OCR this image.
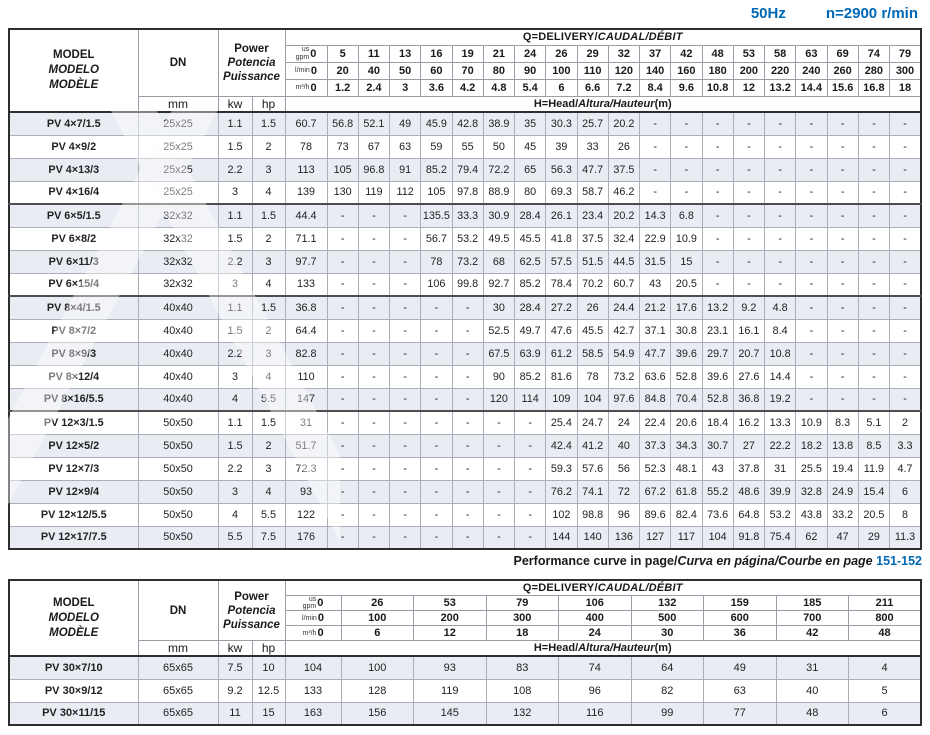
50Hz	n=2900 r/min
MODEL
MODELO
MODÈLE
	DN	
Power
Potencia
Puissance
	Q=DELIVERY/CAUDAL/DÉBIT

				us
gpm 0	5	11	13	16	19	21	24	26	29	32	37	42	48	53	58	63	69	74	79

				l/min 0	20	40	50	60	70	80	90	100	110	120	140	160	180	200	220	240	260	280	300

				m³/h 0	1.2	2.4	3	3.6	4.2	4.8	5.4	6	6.6	7.2	8.4	9.6	10.8	12	13.2	14.4	15.6	16.8	18
	mm	kw	hp	H=Head/Altura/Hauteur(m)																			
PV 4×7/1.5	25x25	1.1	1.5	60.7	56.8	52.1	49	45.9	42.8	38.9	35	30.3	25.7	20.2	-	-	-	-	-	-	-	-	-
PV 4×9/2	25x25	1.5	2	78	73	67	63	59	55	50	45	39	33	26	-	-	-	-	-	-	-	-	-
PV 4×13/3	25x25	2.2	3	113	105	96.8	91	85.2	79.4	72.2	65	56.3	47.7	37.5	-	-	-	-	-	-	-	-	-
PV 4×16/4	25x25	3	4	139	130	119	112	105	97.8	88.9	80	69.3	58.7	46.2	-	-	-	-	-	-	-	-	-
PV 6×5/1.5	32x32	1.1	1.5	44.4	-	-	-	135.5	33.3	30.9	28.4	26.1	23.4	20.2	14.3	6.8	-	-	-	-	-	-	-
PV 6×8/2	32x32	1.5	2	71.1	-	-	-	56.7	53.2	49.5	45.5	41.8	37.5	32.4	22.9	10.9	-	-	-	-	-	-	-
PV 6×11/3	32x32	2.2	3	97.7	-	-	-	78	73.2	68	62.5	57.5	51.5	44.5	31.5	15	-	-	-	-	-	-	-
PV 6×15/4	32x32	3	4	133	-	-	-	106	99.8	92.7	85.2	78.4	70.2	60.7	43	20.5	-	-	-	-	-	-	-
PV 8×4/1.5	40x40	1.1	1.5	36.8	-	-	-	-	-	30	28.4	27.2	26	24.4	21.2	17.6	13.2	9.2	4.8	-	-	-	-
PV 8×7/2	40x40	1.5	2	64.4	-	-	-	-	-	52.5	49.7	47.6	45.5	42.7	37.1	30.8	23.1	16.1	8.4	-	-	-	-
PV 8×9/3	40x40	2.2	3	82.8	-	-	-	-	-	67.5	63.9	61.2	58.5	54.9	47.7	39.6	29.7	20.7	10.8	-	-	-	-
PV 8×12/4	40x40	3	4	110	-	-	-	-	-	90	85.2	81.6	78	73.2	63.6	52.8	39.6	27.6	14.4	-	-	-	-
PV 8×16/5.5	40x40	4	5.5	147	-	-	-	-	-	120	114	109	104	97.6	84.8	70.4	52.8	36.8	19.2	-	-	-	-
PV 12×3/1.5	50x50	1.1	1.5	31	-	-	-	-	-	-	-	25.4	24.7	24	22.4	20.6	18.4	16.2	13.3	10.9	8.3	5.1	2
PV 12×5/2	50x50	1.5	2	51.7	-	-	-	-	-	-	-	42.4	41.2	40	37.3	34.3	30.7	27	22.2	18.2	13.8	8.5	3.3
PV 12×7/3	50x50	2.2	3	72.3	-	-	-	-	-	-	-	59.3	57.6	56	52.3	48.1	43	37.8	31	25.5	19.4	11.9	4.7
PV 12×9/4	50x50	3	4	93	-	-	-	-	-	-	-	76.2	74.1	72	67.2	61.8	55.2	48.6	39.9	32.8	24.9	15.4	6
PV 12×12/5.5	50x50	4	5.5	122	-	-	-	-	-	-	-	102	98.8	96	89.6	82.4	73.6	64.8	53.2	43.8	33.2	20.5	8
PV 12×17/7.5	50x50	5.5	7.5	176	-	-	-	-	-	-	-	144	140	136	127	117	104	91.8	75.4	62	47	29	11.3
Performance curve in page/Curva en página/Courbe en page 151-152
MODEL
MODELO
MODÈLE
	DN	
Power
Potencia
Puissance
	Q=DELIVERY/CAUDAL/DÉBIT

				us
gpm 0	26	53	79	106	132	159	185	211

				l/min 0	100	200	300	400	500	600	700	800

				m³/h 0	6	12	18	24	30	36	42	48
	mm	kw	hp	H=Head/Altura/Hauteur(m)								
PV 30×7/10	65x65	7.5	10	104	100	93	83	74	64	49	31	4
PV 30×9/12	65x65	9.2	12.5	133	128	119	108	96	82	63	40	5
PV 30×11/15	65x65	11	15	163	156	145	132	116	99	77	48	6
